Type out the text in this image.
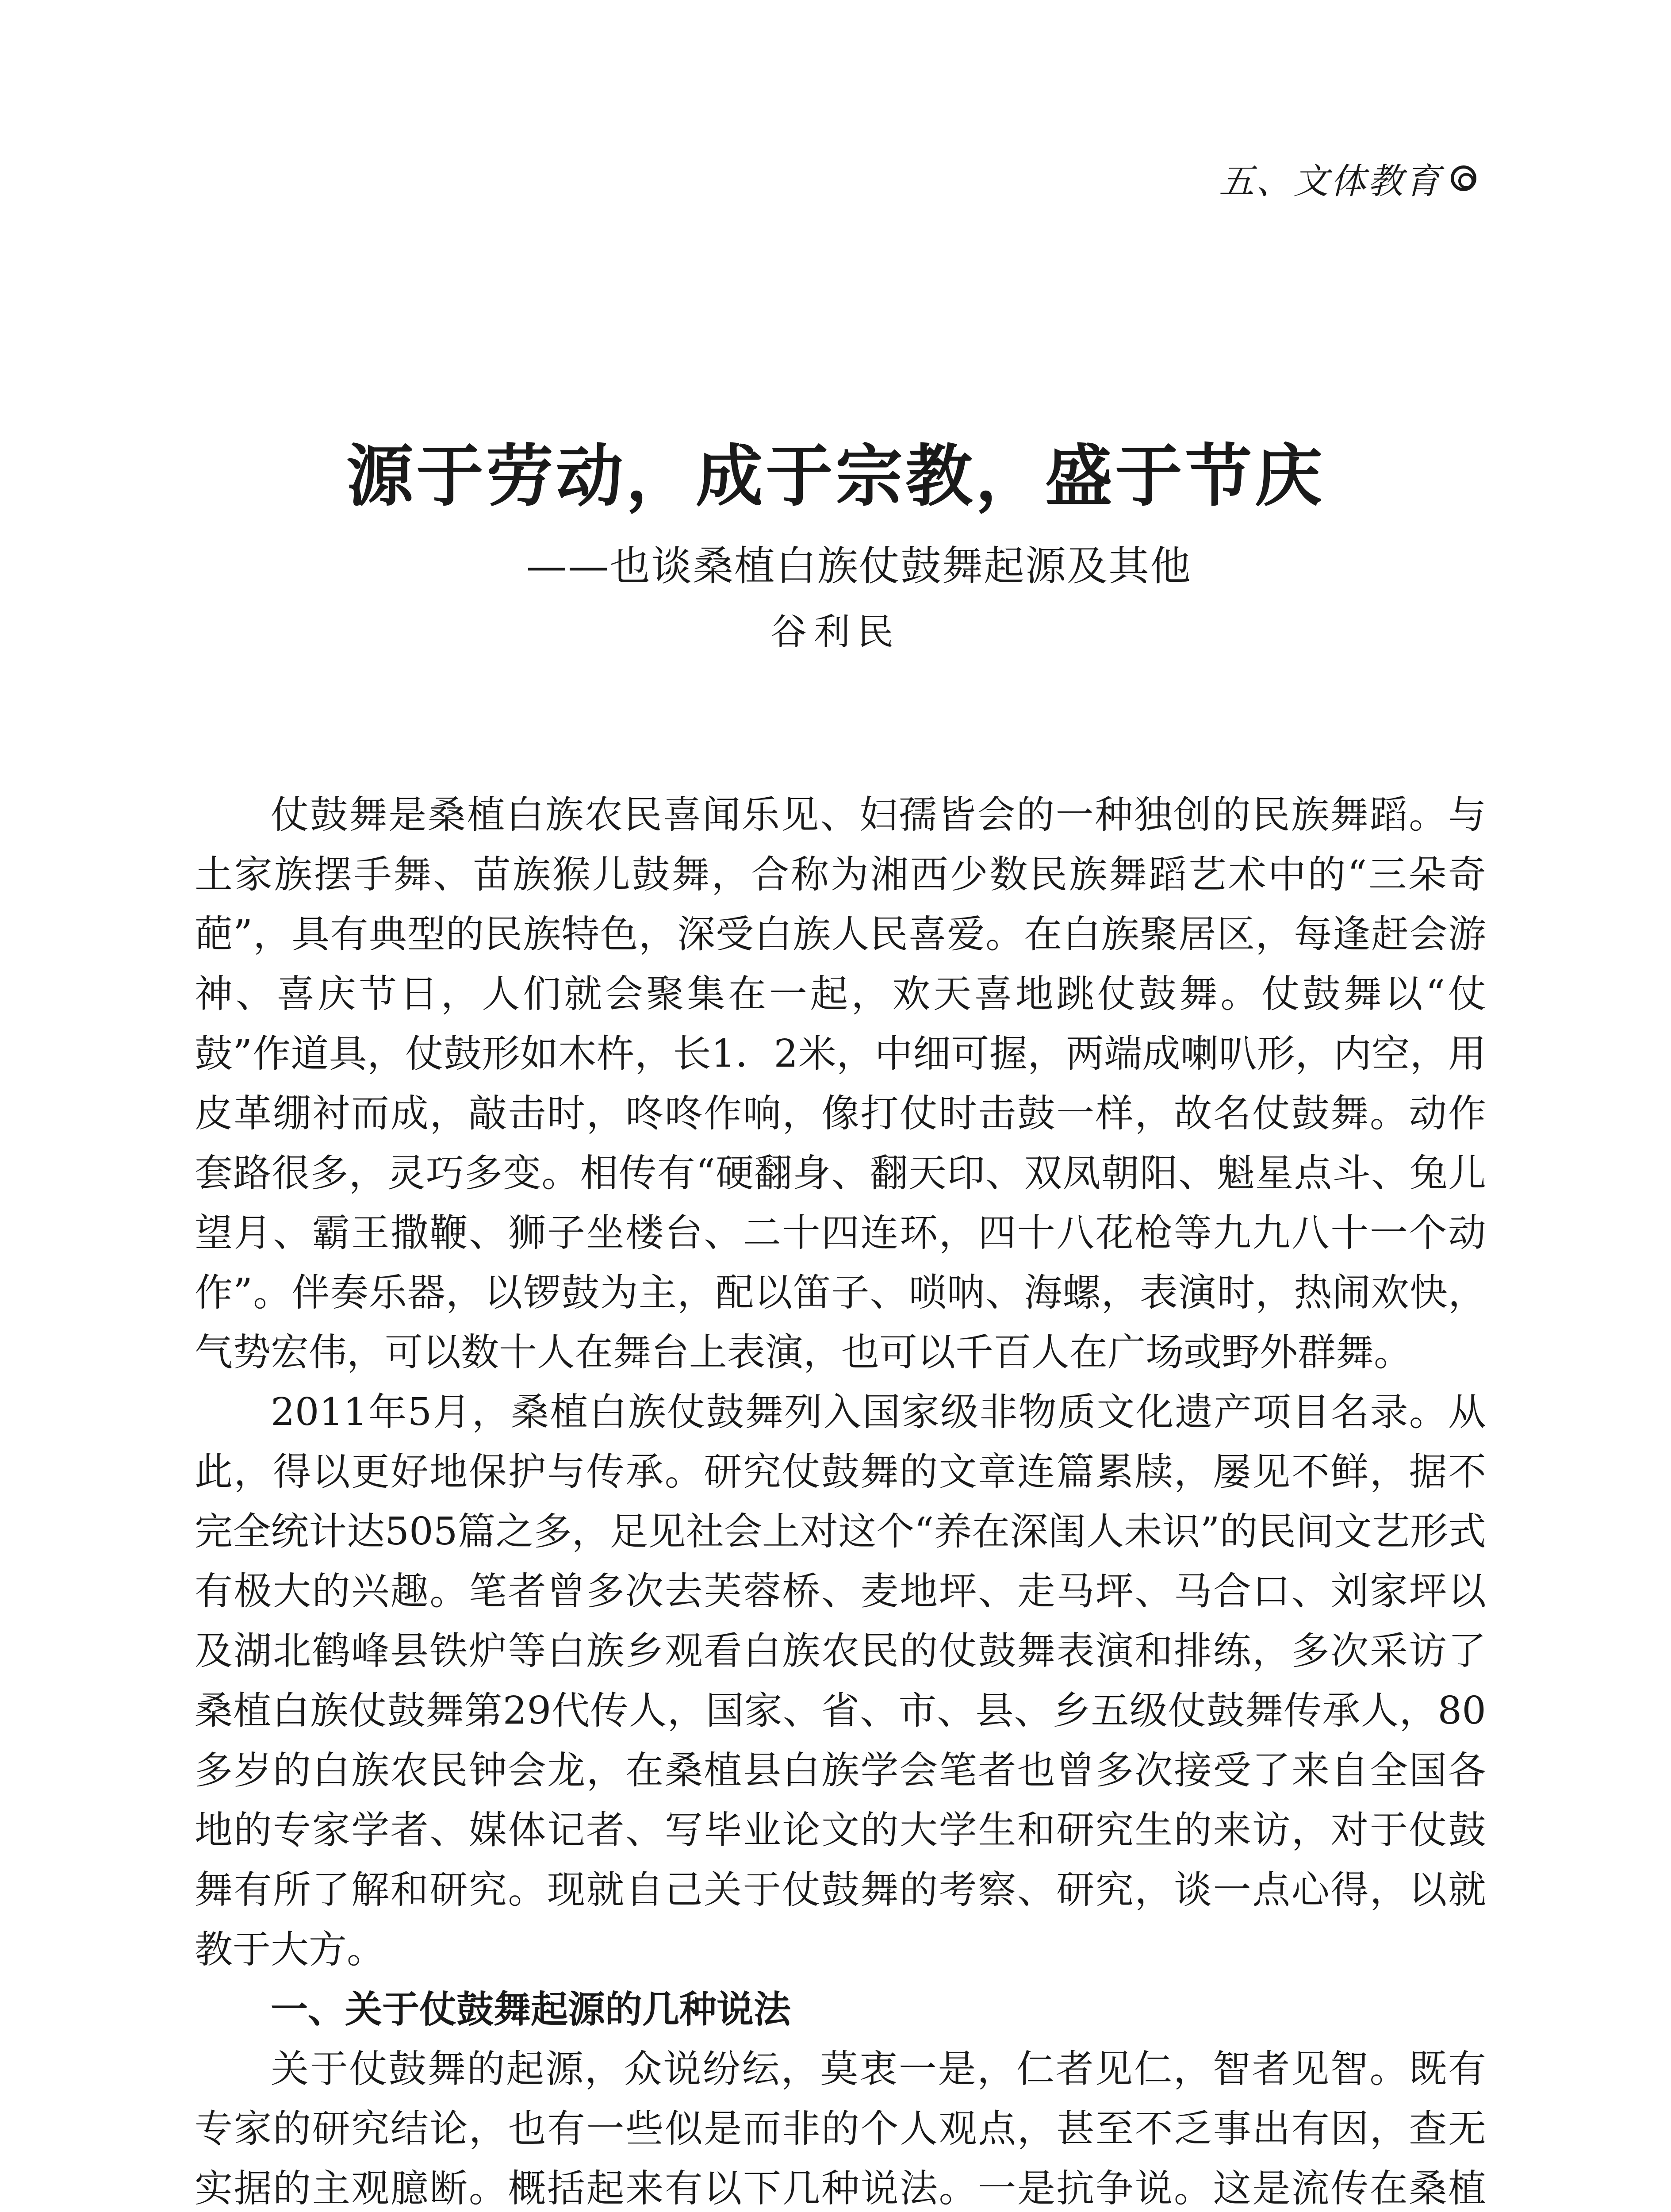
五、文体教育
源于劳动，成于宗教，盛于节庆
——也谈桑植白族仗鼓舞起源及其他
谷利民

仗鼓舞是桑植白族农民喜闻乐见、妇孺皆会的一种独创的民族舞蹈。与土家族摆手舞、苗族猴儿鼓舞，合称为湘西少数民族舞蹈艺术中的“三朵奇葩”，具有典型的民族特色，深受白族人民喜爱。在白族聚居区，每逢赶会游神、喜庆节日，人们就会聚集在一起，欢天喜地跳仗鼓舞。仗鼓舞以“仗鼓”作道具，仗鼓形如木杵，长1．2米，中细可握，两端成喇叭形，内空，用皮革绷衬而成，敲击时，咚咚作响，像打仗时击鼓一样，故名仗鼓舞。动作套路很多，灵巧多变。相传有“硬翻身、翻天印、双凤朝阳、魁星点斗、兔儿望月、霸王撒鞭、狮子坐楼台、二十四连环，四十八花枪等九九八十一个动作”。伴奏乐器，以锣鼓为主，配以笛子、唢呐、海螺，表演时，热闹欢快，气势宏伟，可以数十人在舞台上表演，也可以千百人在广场或野外群舞。

2011年5月，桑植白族仗鼓舞列入国家级非物质文化遗产项目名录。从此，得以更好地保护与传承。研究仗鼓舞的文章连篇累牍，屡见不鲜，据不完全统计达505篇之多，足见社会上对这个“养在深闺人未识”的民间文艺形式有极大的兴趣。笔者曾多次去芙蓉桥、麦地坪、走马坪、马合口、刘家坪以及湖北鹤峰县铁炉等白族乡观看白族农民的仗鼓舞表演和排练，多次采访了桑植白族仗鼓舞第29代传人，国家、省、市、县、乡五级仗鼓舞传承人，80多岁的白族农民钟会龙，在桑植县白族学会笔者也曾多次接受了来自全国各地的专家学者、媒体记者、写毕业论文的大学生和研究生的来访，对于仗鼓舞有所了解和研究。现就自己关于仗鼓舞的考察、研究，谈一点心得，以就教于大方。

一、关于仗鼓舞起源的几种说法

关于仗鼓舞的起源，众说纷纭，莫衷一是，仁者见仁，智者见智。既有专家的研究结论，也有一些似是而非的个人观点，甚至不乏事出有因，查无实据的主观臆断。概括起来有以下几种说法。一是抗争说。这是流传在桑植
